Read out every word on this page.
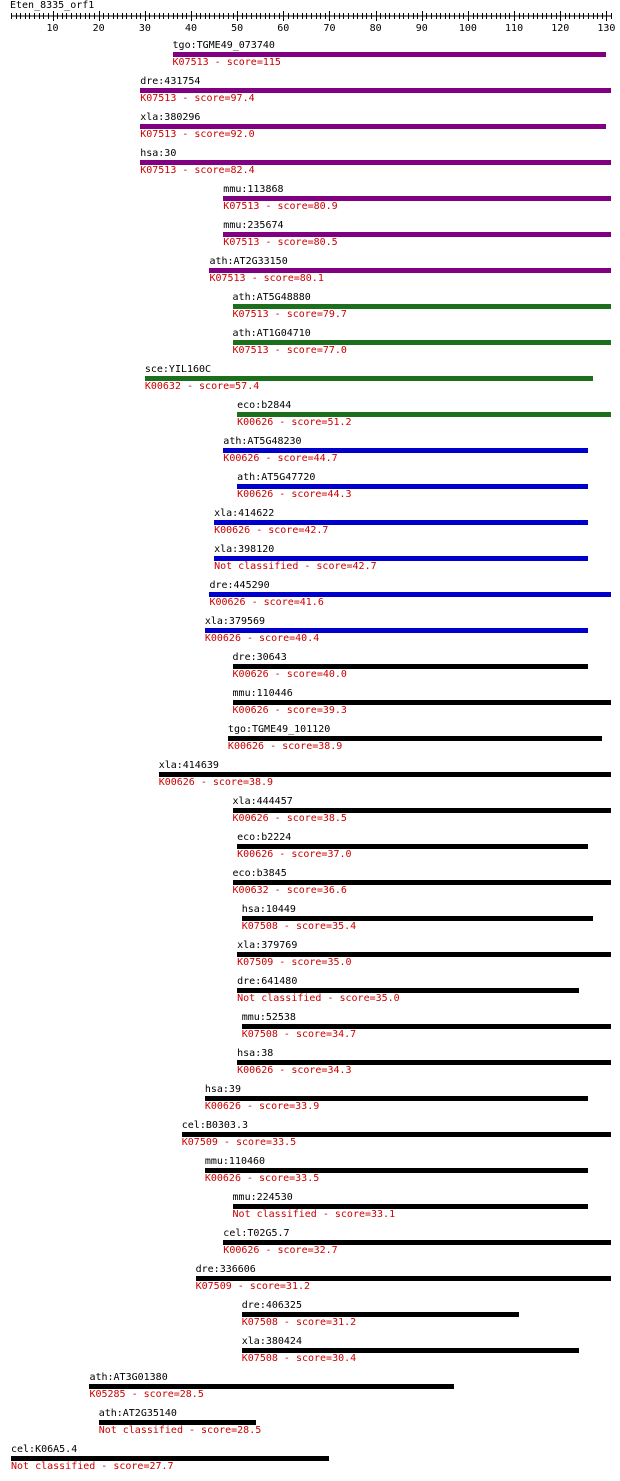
Eten_8335_orf1
10	20	30	40	50	60	70	80	90	100	110	120	130
tgo:TGME49_073740
K07513 - score=115
dre:431754
K07513 - score=97.4
xla:380296
K07513 - score=92.0
hsa:30
K07513 - score=82.4
mmu:113868
K07513 - score=80.9
mmu:235674
K07513 - score=80.5
ath:AT2G33150
K07513 - score=80.1
ath:AT5G48880
K07513 - score=79.7
ath:AT1G04710
K07513 - score=77.0
sce:YIL160C
K00632 - score=57.4
eco:b2844
K00626 - score=51.2
ath:AT5G48230
K00626 - score=44.7
ath:AT5G47720
K00626 - score=44.3
xla:414622
K00626 - score=42.7
xla:398120
Not classified - score=42.7
dre:445290
K00626 - score=41.6
xla:379569
K00626 - score=40.4
dre:30643
K00626 - score=40.0
mmu:110446
K00626 - score=39.3
tgo:TGME49_101120
K00626 - score=38.9
xla:414639
K00626 - score=38.9
xla:444457
K00626 - score=38.5
eco:b2224
K00626 - score=37.0
eco:b3845
K00632 - score=36.6
hsa:10449
K07508 - score=35.4
xla:379769
K07509 - score=35.0
dre:641480
Not classified - score=35.0
mmu:52538
K07508 - score=34.7
hsa:38
K00626 - score=34.3
hsa:39
K00626 - score=33.9
cel:B0303.3
K07509 - score=33.5
mmu:110460
K00626 - score=33.5
mmu:224530
Not classified - score=33.1
cel:T02G5.7
K00626 - score=32.7
dre:336606
K07509 - score=31.2
dre:406325
K07508 - score=31.2
xla:380424
K07508 - score=30.4
ath:AT3G01380
K05285 - score=28.5
ath:AT2G35140
Not classified - score=28.5
cel:K06A5.4
Not classified - score=27.7
